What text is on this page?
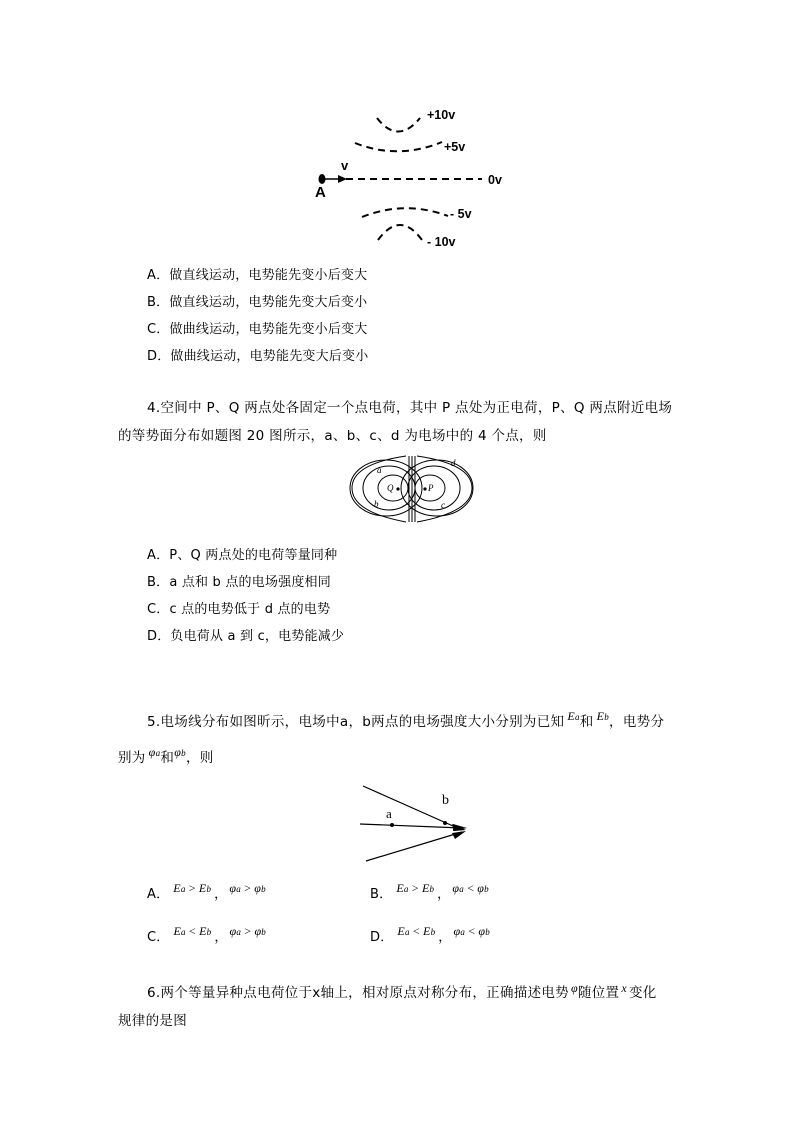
+10v
+5v
0v
- 5v
- 10v
v
A
A．做直线运动，电势能先变小后变大
B．做直线运动，电势能先变大后变小
C．做曲线运动，电势能先变小后变大
D．做曲线运动，电势能先变大后变小
4.空间中 P、Q 两点处各固定一个点电荷，其中 P 点处为正电荷，P、Q 两点附近电场
的等势面分布如题图 20 图所示，a、b、c、d 为电场中的 4 个点，则
a
d
b	c
Q	P
A．P、Q 两点处的电荷等量同种
B．a 点和 b 点的电场强度相同
C．c 点的电势低于 d 点的电势
D．负电荷从 a 到 c，电势能减少
5.电场线分布如图昕示，电场中a，b两点的电场强度大小分别为已知 Ea和 Eb，电势分
别为 φa和φb，则
a
b
A． Ea > Eb ， φa > φb	B． Ea > Eb ， φa < φb
C． Ea < Eb ， φa > φb	D． Ea < Eb ， φa < φb
6.两个等量异种点电荷位于x轴上，相对原点对称分布，正确描述电势 φ随位置 x 变化
规律的是图
